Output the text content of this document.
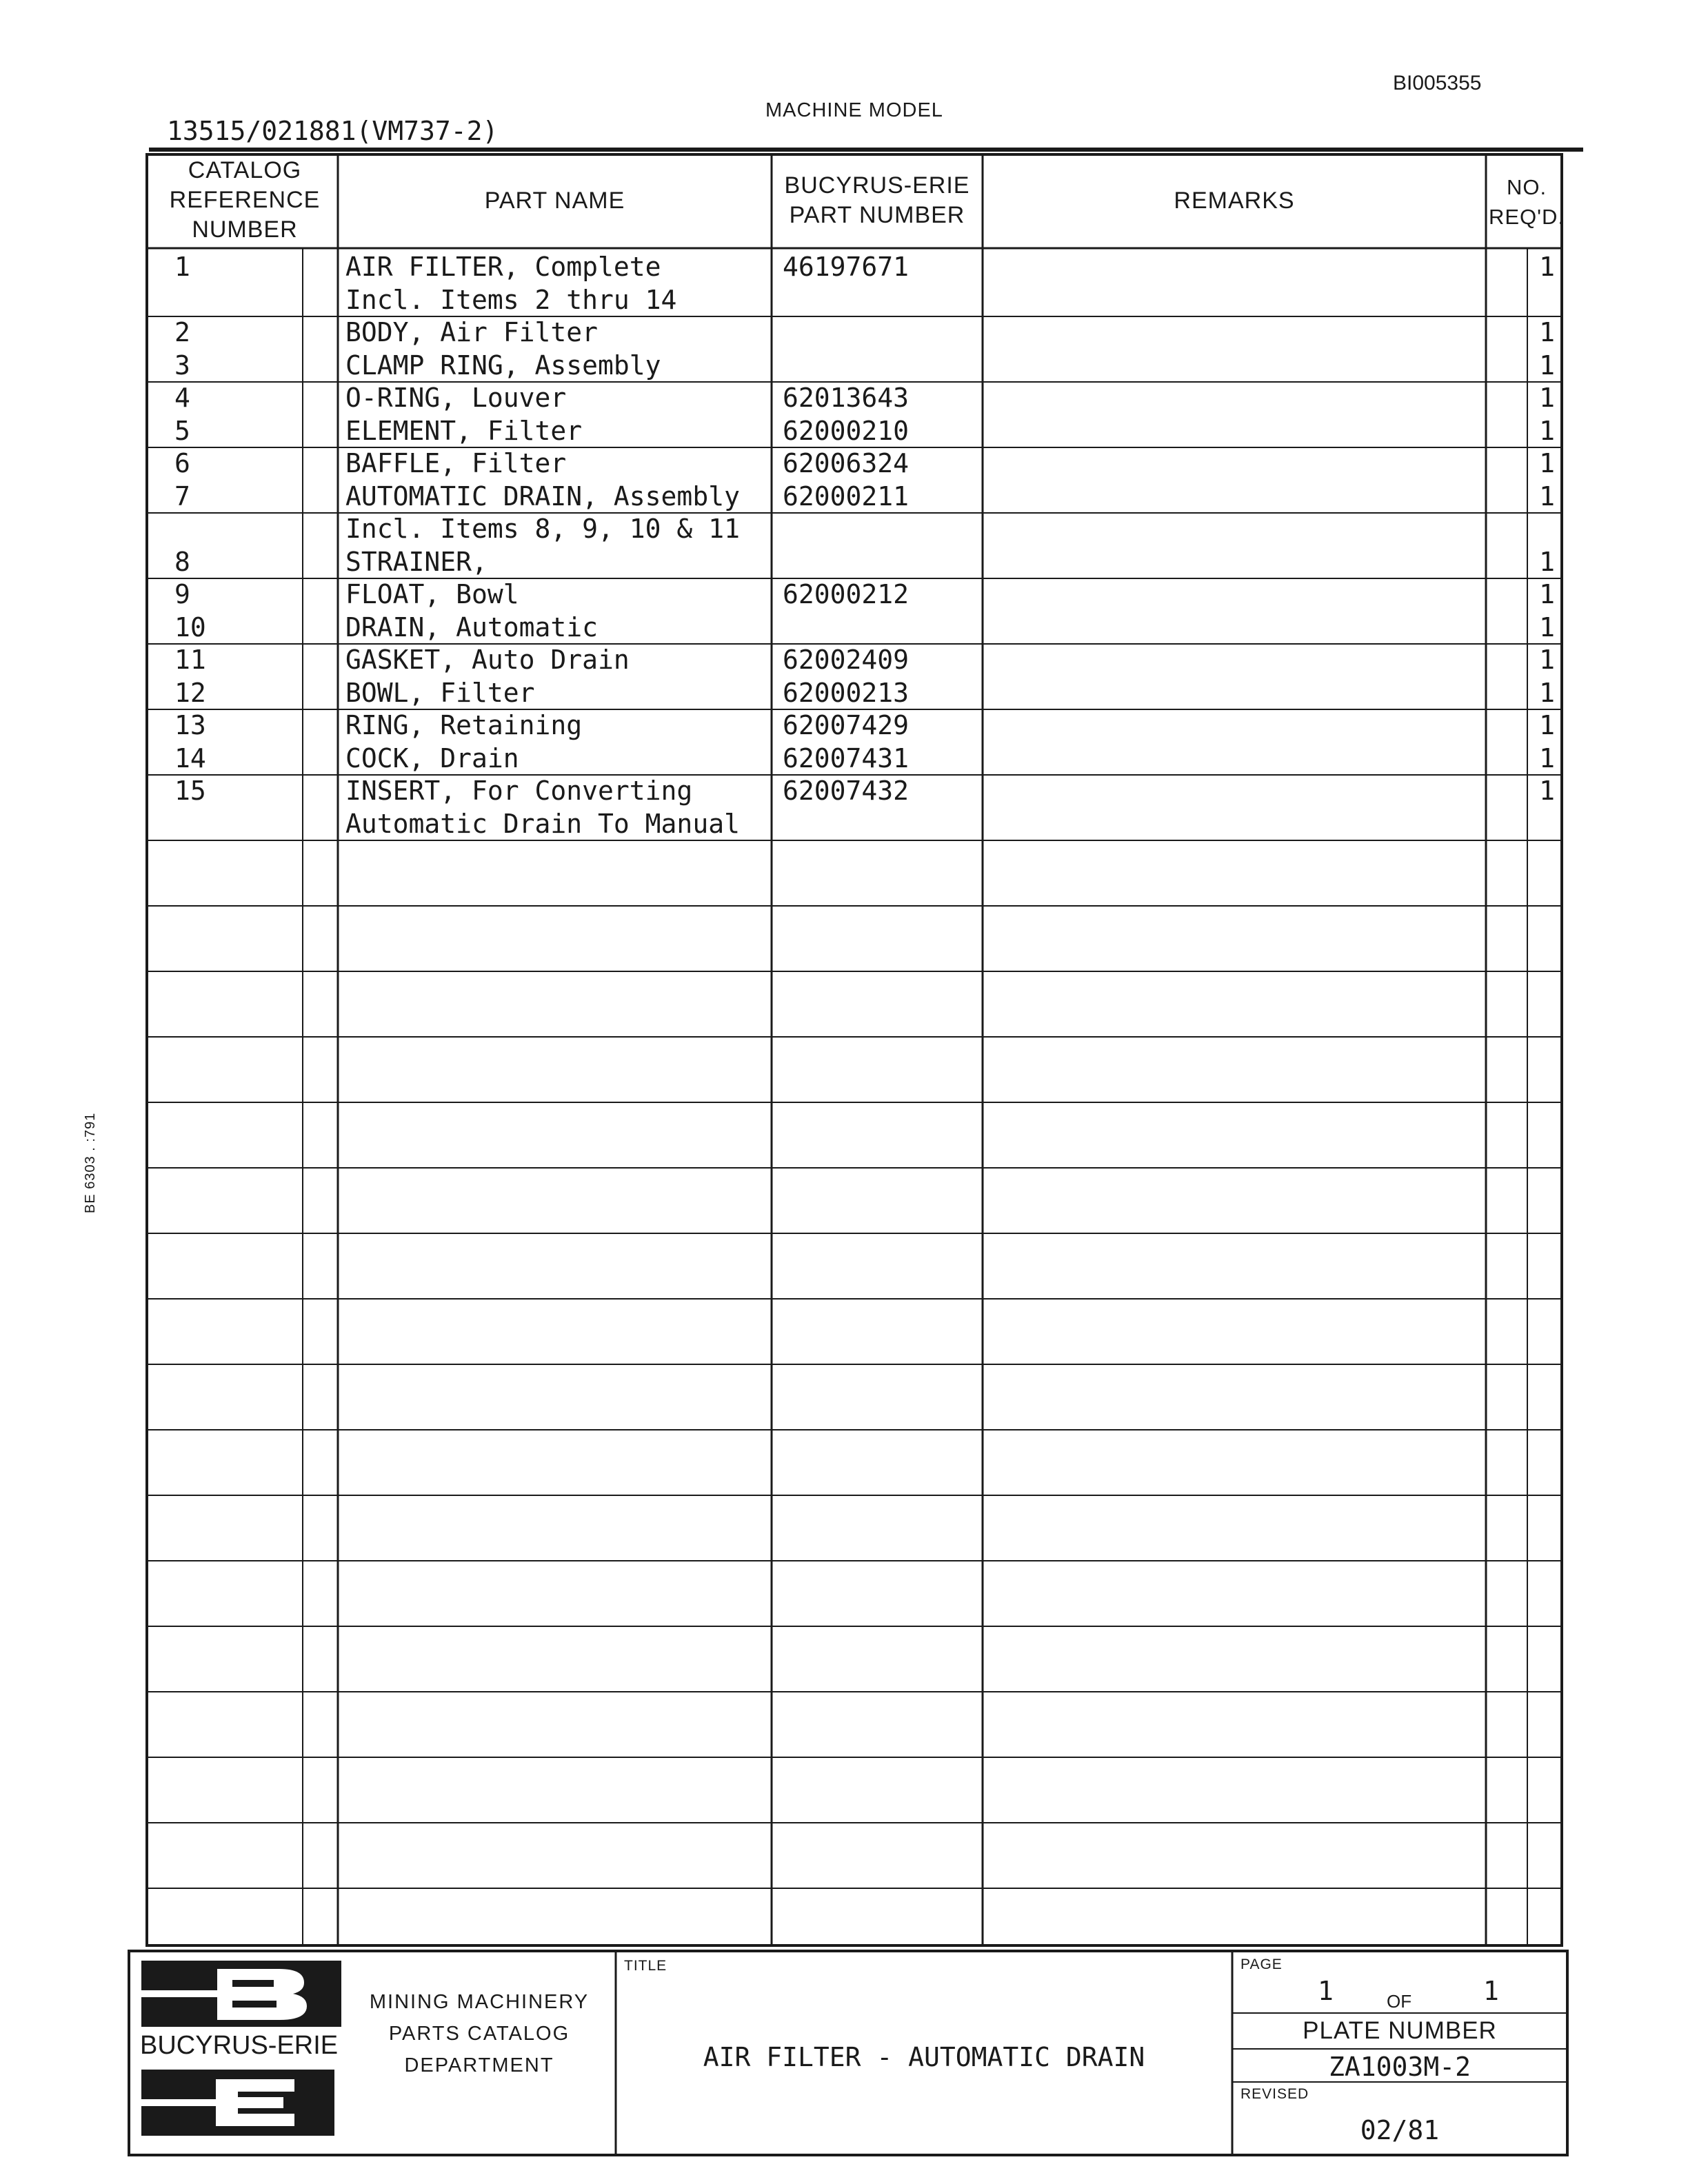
BI005355
MACHINE MODEL
13515/021881(VM737-2)
BE 6303 . :791
CATALOG
REFERENCE
NUMBER
PART NAME
BUCYRUS-ERIE
PART NUMBER
REMARKS
NO.
REQ'D.
1	AIR FILTER, Complete	46197671	1
Incl. Items 2 thru 14
2	BODY, Air Filter	1
3	CLAMP RING, Assembly	1
4	O-RING, Louver	62013643	1
5	ELEMENT, Filter	62000210	1
6	BAFFLE, Filter	62006324	1
7	AUTOMATIC DRAIN, Assembly	62000211	1
Incl. Items 8, 9, 10 & 11
8	STRAINER,	1
9	FLOAT, Bowl	62000212	1
10	DRAIN, Automatic	1
11	GASKET, Auto Drain	62002409	1
12	BOWL, Filter	62000213	1
13	RING, Retaining	62007429	1
14	COCK, Drain	62007431	1
15	INSERT, For Converting	62007432	1
Automatic Drain To Manual
BUCYRUS-ERIE
MINING MACHINERY
PARTS CATALOG
DEPARTMENT
TITLE
AIR FILTER - AUTOMATIC DRAIN
PAGE
1	OF	1
PLATE NUMBER
ZA1003M-2
REVISED
02/81
